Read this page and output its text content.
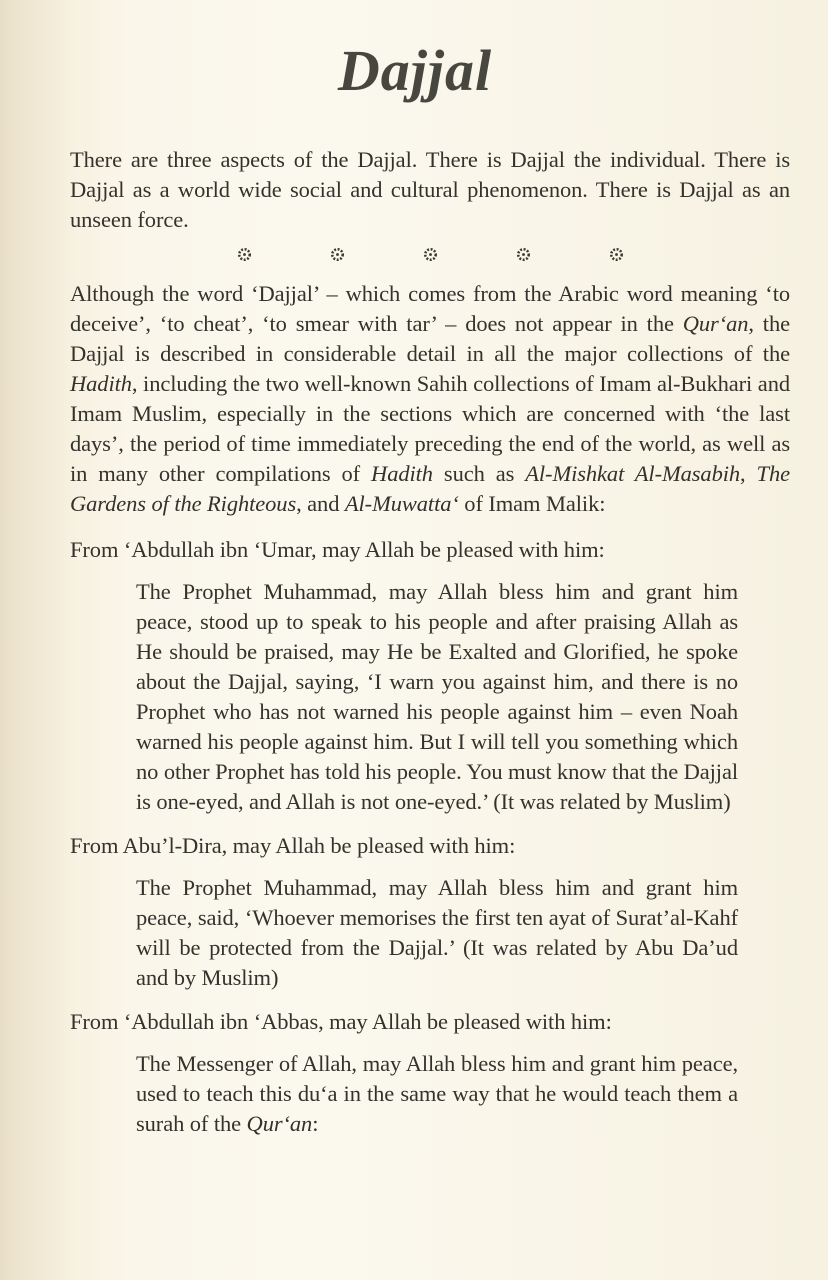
Dajjal

There are three aspects of the Dajjal. There is Dajjal the individual. There is Dajjal as a world wide social and cultural phenomenon. There is Dajjal as an unseen force.

Although the word ‘Dajjal’ – which comes from the Arabic word meaning ‘to deceive’, ‘to cheat’, ‘to smear with tar’ – does not appear in the Qur‘an, the Dajjal is described in considerable detail in all the major collections of the Hadith, including the two well-known Sahih collections of Imam al-Bukhari and Imam Muslim, especially in the sections which are concerned with ‘the last days’, the period of time immediately preceding the end of the world, as well as in many other compilations of Hadith such as Al-Mishkat Al-Masabih, The Gardens of the Righteous, and Al-Muwatta‘ of Imam Malik:

From ‘Abdullah ibn ‘Umar, may Allah be pleased with him:

The Prophet Muhammad, may Allah bless him and grant him peace, stood up to speak to his people and after praising Allah as He should be praised, may He be Exalted and Glorified, he spoke about the Dajjal, saying, ‘I warn you against him, and there is no Prophet who has not warned his people against him – even Noah warned his people against him. But I will tell you something which no other Prophet has told his people. You must know that the Dajjal is one-eyed, and Allah is not one-eyed.’ (It was related by Muslim)

From Abu’l-Dira, may Allah be pleased with him:

The Prophet Muhammad, may Allah bless him and grant him peace, said, ‘Whoever memorises the first ten ayat of Surat’al-Kahf will be protected from the Dajjal.’ (It was related by Abu Da’ud and by Muslim)

From ‘Abdullah ibn ‘Abbas, may Allah be pleased with him:

The Messenger of Allah, may Allah bless him and grant him peace, used to teach this du‘a in the same way that he would teach them a surah of the Qur‘an:
